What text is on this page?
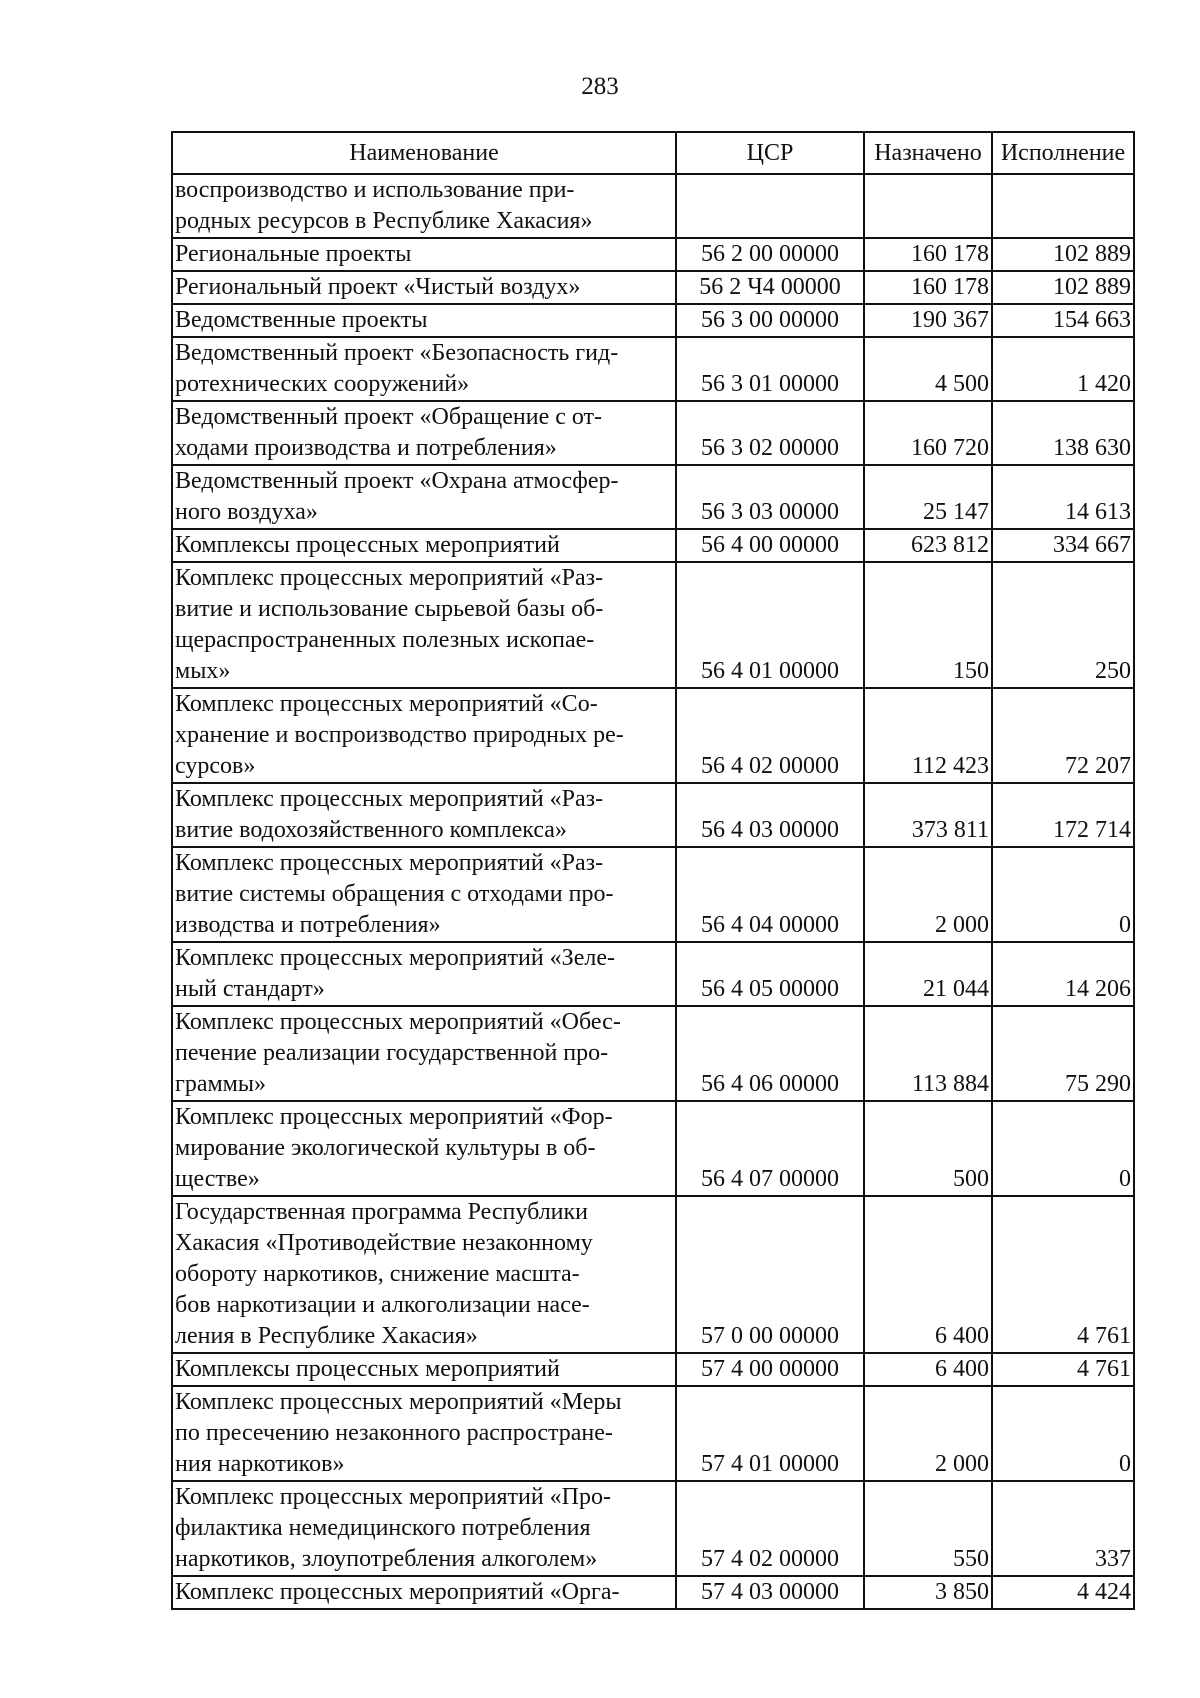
283
Наименование	ЦСР	Назначено	Исполнение
воспроизводство и использование при-
родных ресурсов в Республике Хакасия»			
Региональные проекты	56 2 00 00000	160 178	102 889
Региональный проект «Чистый воздух»	56 2 Ч4 00000	160 178	102 889
Ведомственные проекты	56 3 00 00000	190 367	154 663
Ведомственный проект «Безопасность гид-
ротехнических сооружений»	56 3 01 00000	4 500	1 420
Ведомственный проект «Обращение с от-
ходами производства и потребления»	56 3 02 00000	160 720	138 630
Ведомственный проект «Охрана атмосфер-
ного воздуха»	56 3 03 00000	25 147	14 613
Комплексы процессных мероприятий	56 4 00 00000	623 812	334 667
Комплекс процессных мероприятий «Раз-
витие и использование сырьевой базы об-
щераспространенных полезных ископае-
мых»	56 4 01 00000	150	250
Комплекс процессных мероприятий «Со-
хранение и воспроизводство природных ре-
сурсов»	56 4 02 00000	112 423	72 207
Комплекс процессных мероприятий «Раз-
витие водохозяйственного комплекса»	56 4 03 00000	373 811	172 714
Комплекс процессных мероприятий «Раз-
витие системы обращения с отходами про-
изводства и потребления»	56 4 04 00000	2 000	0
Комплекс процессных мероприятий «Зеле-
ный стандарт»	56 4 05 00000	21 044	14 206
Комплекс процессных мероприятий «Обес-
печение реализации государственной про-
граммы»	56 4 06 00000	113 884	75 290
Комплекс процессных мероприятий «Фор-
мирование экологической культуры в об-
ществе»	56 4 07 00000	500	0
Государственная программа Республики
Хакасия «Противодействие незаконному
обороту наркотиков, снижение масшта-
бов наркотизации и алкоголизации насе-
ления в Республике Хакасия»	57 0 00 00000	6 400	4 761
Комплексы процессных мероприятий	57 4 00 00000	6 400	4 761
Комплекс процессных мероприятий «Меры
по пресечению незаконного распростране-
ния наркотиков»	57 4 01 00000	2 000	0
Комплекс процессных мероприятий «Про-
филактика немедицинского потребления
наркотиков, злоупотребления алкоголем»	57 4 02 00000	550	337
Комплекс процессных мероприятий «Орга-	57 4 03 00000	3 850	4 424
